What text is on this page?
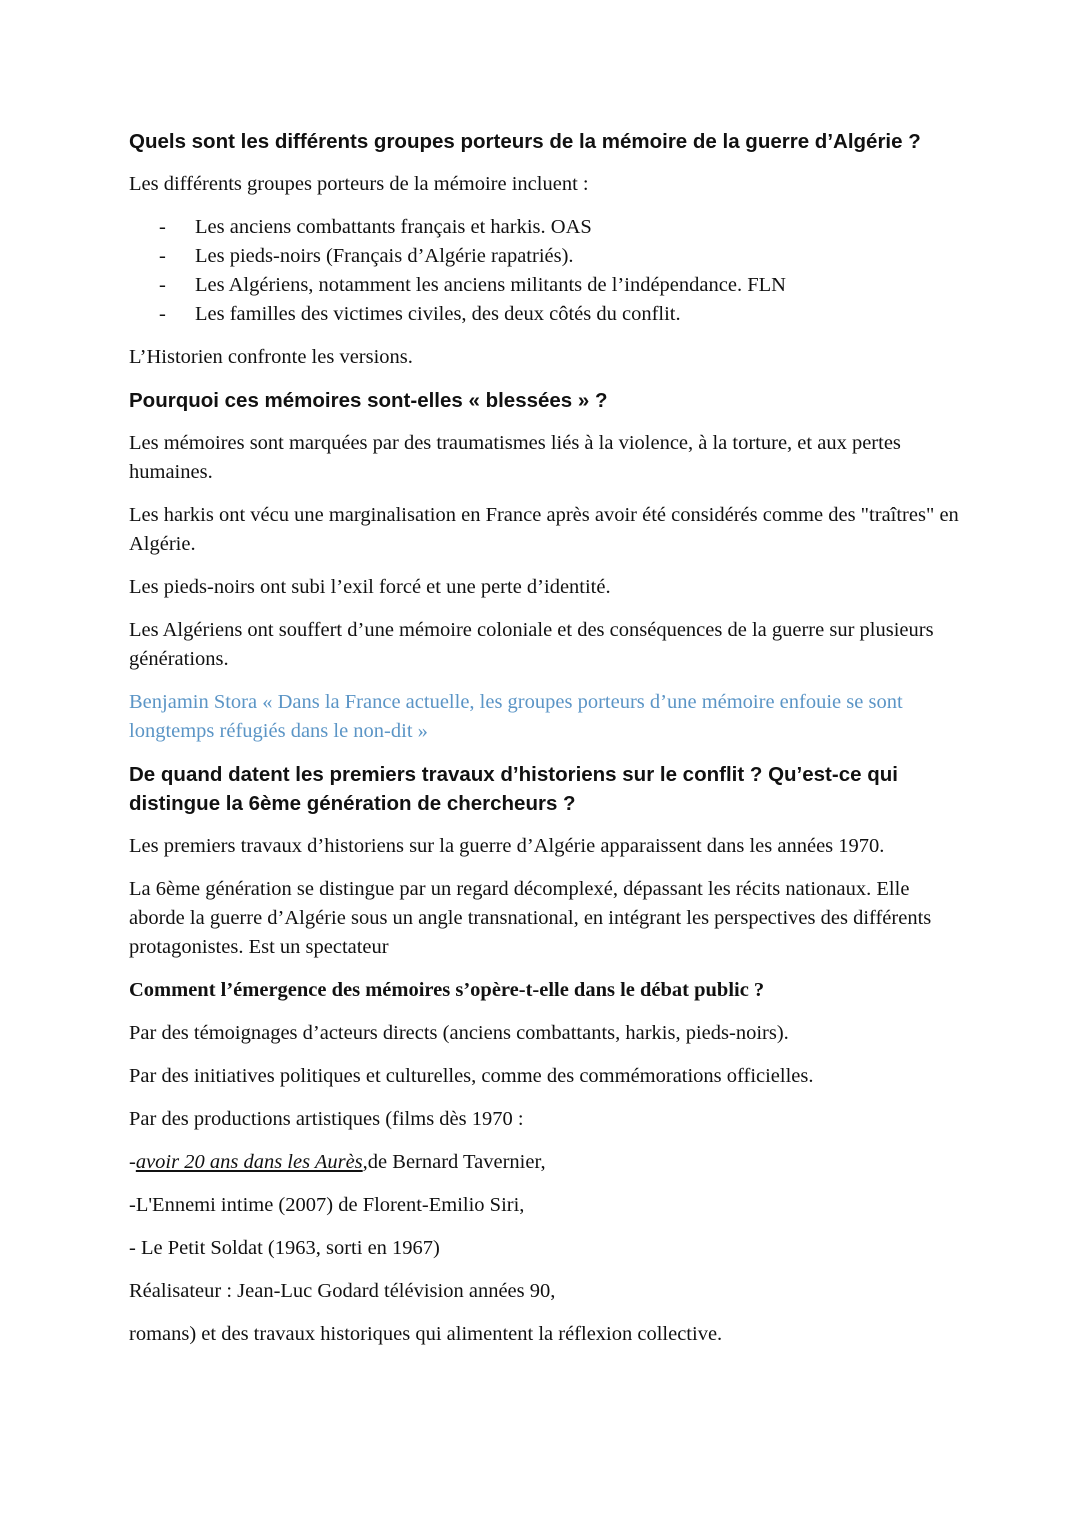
Quels sont les différents groupes porteurs de la mémoire de la guerre d’Algérie ?

Les différents groupes porteurs de la mémoire incluent :

- Les anciens combattants français et harkis. OAS
- Les pieds-noirs (Français d’Algérie rapatriés).
- Les Algériens, notamment les anciens militants de l’indépendance. FLN
- Les familles des victimes civiles, des deux côtés du conflit.

L’Historien confronte les versions.

Pourquoi ces mémoires sont-elles « blessées » ?

Les mémoires sont marquées par des traumatismes liés à la violence, à la torture, et aux pertes humaines.

Les harkis ont vécu une marginalisation en France après avoir été considérés comme des "traîtres" en Algérie.

Les pieds-noirs ont subi l’exil forcé et une perte d’identité.

Les Algériens ont souffert d’une mémoire coloniale et des conséquences de la guerre sur plusieurs générations.

Benjamin Stora « Dans la France actuelle, les groupes porteurs d’une mémoire enfouie se sont longtemps réfugiés dans le non-dit »

De quand datent les premiers travaux d’historiens sur le conflit ? Qu’est-ce qui distingue la 6ème génération de chercheurs ?

Les premiers travaux d’historiens sur la guerre d’Algérie apparaissent dans les années 1970.

La 6ème génération se distingue par un regard décomplexé, dépassant les récits nationaux. Elle aborde la guerre d’Algérie sous un angle transnational, en intégrant les perspectives des différents protagonistes. Est un spectateur

Comment l’émergence des mémoires s’opère-t-elle dans le débat public ?

Par des témoignages d’acteurs directs (anciens combattants, harkis, pieds-noirs).

Par des initiatives politiques et culturelles, comme des commémorations officielles.

Par des productions artistiques (films dès 1970 :

-avoir 20 ans dans les Aurès,de Bernard Tavernier,

-L'Ennemi intime (2007) de Florent-Emilio Siri,

- Le Petit Soldat (1963, sorti en 1967)

Réalisateur : Jean-Luc Godard télévision années 90,

romans) et des travaux historiques qui alimentent la réflexion collective.
